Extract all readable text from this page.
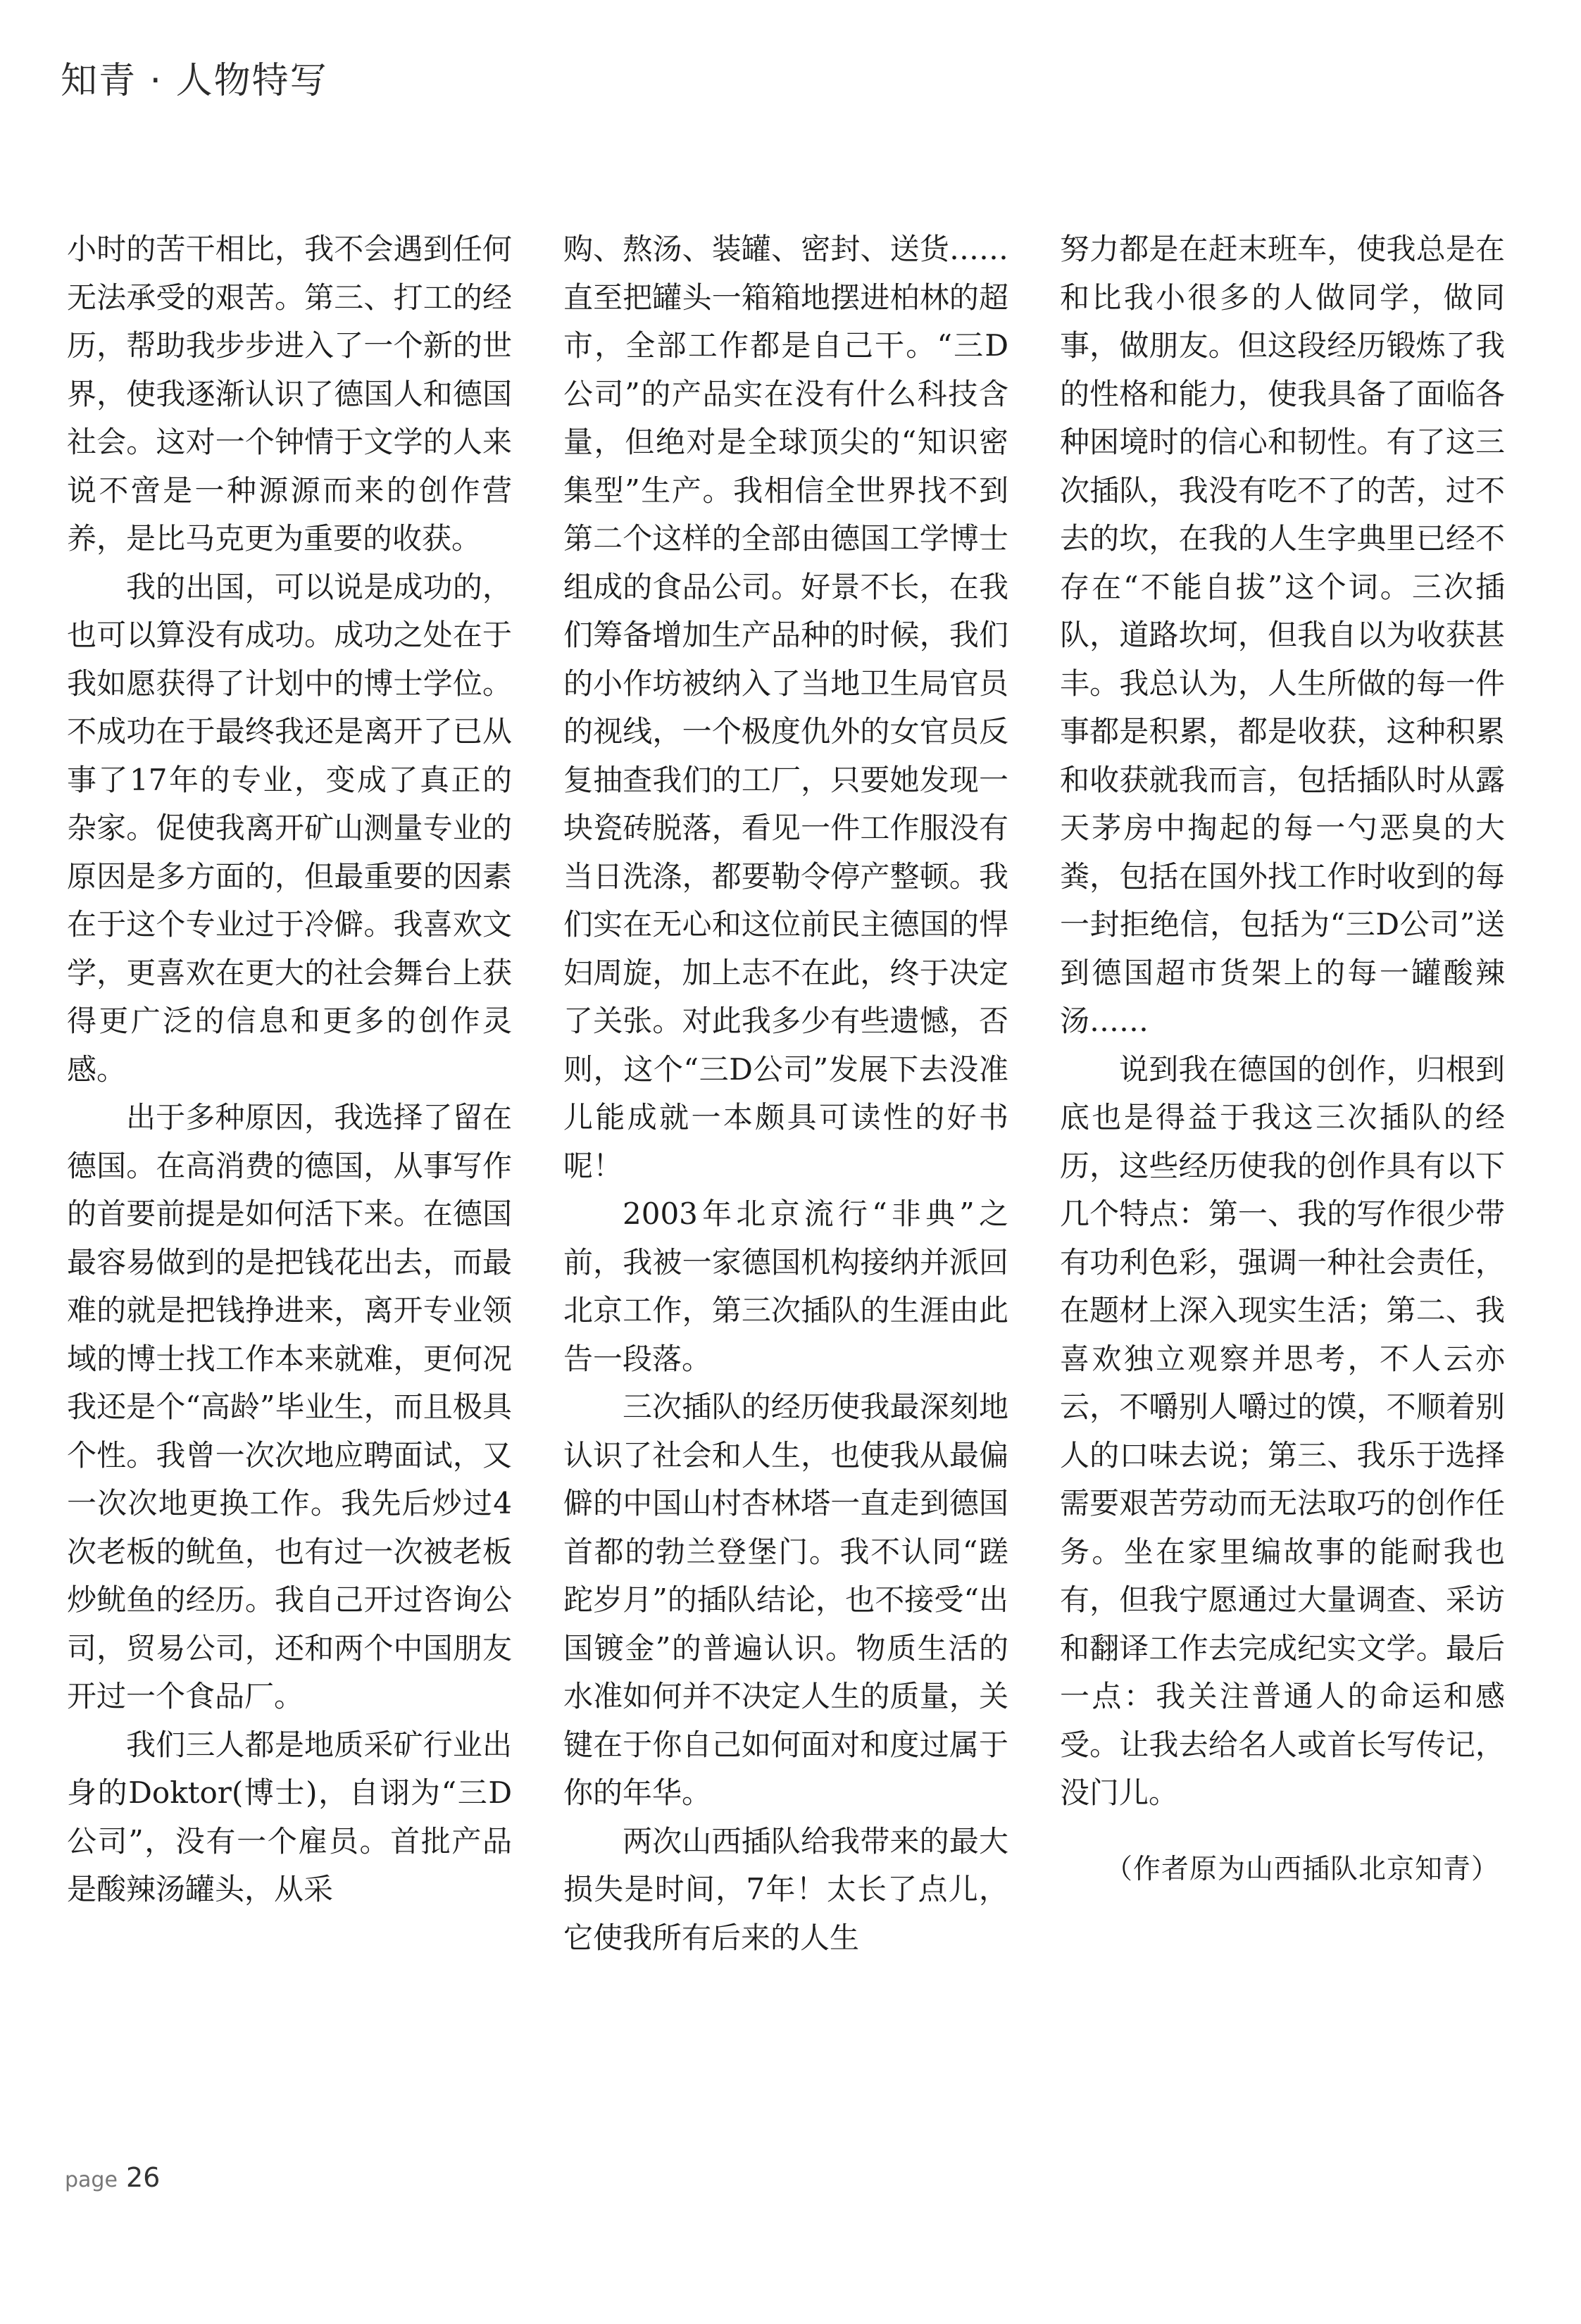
知青 · 人物特写

小时的苦干相比，我不会遇到任何无法承受的艰苦。第三、打工的经历，帮助我步步进入了一个新的世界，使我逐渐认识了德国人和德国社会。这对一个钟情于文学的人来说不啻是一种源源而来的创作营养，是比马克更为重要的收获。

我的出国，可以说是成功的，也可以算没有成功。成功之处在于我如愿获得了计划中的博士学位。不成功在于最终我还是离开了已从事了17年的专业，变成了真正的杂家。促使我离开矿山测量专业的原因是多方面的，但最重要的因素在于这个专业过于冷僻。我喜欢文学，更喜欢在更大的社会舞台上获得更广泛的信息和更多的创作灵感。

出于多种原因，我选择了留在德国。在高消费的德国，从事写作的首要前提是如何活下来。在德国最容易做到的是把钱花出去，而最难的就是把钱挣进来，离开专业领域的博士找工作本来就难，更何况我还是个“高龄”毕业生，而且极具个性。我曾一次次地应聘面试，又一次次地更换工作。我先后炒过4次老板的鱿鱼，也有过一次被老板炒鱿鱼的经历。我自己开过咨询公司，贸易公司，还和两个中国朋友开过一个食品厂。

我们三人都是地质采矿行业出身的Doktor(博士)，自诩为“三D公司”，没有一个雇员。首批产品是酸辣汤罐头，从采

购、熬汤、装罐、密封、送货……直至把罐头一箱箱地摆进柏林的超市，全部工作都是自己干。“三D公司”的产品实在没有什么科技含量，但绝对是全球顶尖的“知识密集型”生产。我相信全世界找不到第二个这样的全部由德国工学博士组成的食品公司。好景不长，在我们筹备增加生产品种的时候，我们的小作坊被纳入了当地卫生局官员的视线，一个极度仇外的女官员反复抽查我们的工厂，只要她发现一块瓷砖脱落，看见一件工作服没有当日洗涤，都要勒令停产整顿。我们实在无心和这位前民主德国的悍妇周旋，加上志不在此，终于决定了关张。对此我多少有些遗憾，否则，这个“三D公司”发展下去没准儿能成就一本颇具可读性的好书呢！

2003年北京流行“非典”之前，我被一家德国机构接纳并派回北京工作，第三次插队的生涯由此告一段落。

三次插队的经历使我最深刻地认识了社会和人生，也使我从最偏僻的中国山村杏林塔一直走到德国首都的勃兰登堡门。我不认同“蹉跎岁月”的插队结论，也不接受“出国镀金”的普遍认识。物质生活的水准如何并不决定人生的质量，关键在于你自己如何面对和度过属于你的年华。

两次山西插队给我带来的最大损失是时间，7年！太长了点儿，它使我所有后来的人生

努力都是在赶末班车，使我总是在和比我小很多的人做同学，做同事，做朋友。但这段经历锻炼了我的性格和能力，使我具备了面临各种困境时的信心和韧性。有了这三次插队，我没有吃不了的苦，过不去的坎，在我的人生字典里已经不存在“不能自拔”这个词。三次插队，道路坎坷，但我自以为收获甚丰。我总认为，人生所做的每一件事都是积累，都是收获，这种积累和收获就我而言，包括插队时从露天茅房中掏起的每一勺恶臭的大粪，包括在国外找工作时收到的每一封拒绝信，包括为“三D公司”送到德国超市货架上的每一罐酸辣汤……

说到我在德国的创作，归根到底也是得益于我这三次插队的经历，这些经历使我的创作具有以下几个特点：第一、我的写作很少带有功利色彩，强调一种社会责任，在题材上深入现实生活；第二、我喜欢独立观察并思考，不人云亦云，不嚼别人嚼过的馍，不顺着别人的口味去说；第三、我乐于选择需要艰苦劳动而无法取巧的创作任务。坐在家里编故事的能耐我也有，但我宁愿通过大量调查、采访和翻译工作去完成纪实文学。最后一点：我关注普通人的命运和感受。让我去给名人或首长写传记，没门儿。

（作者原为山西插队北京知青）

page 26
